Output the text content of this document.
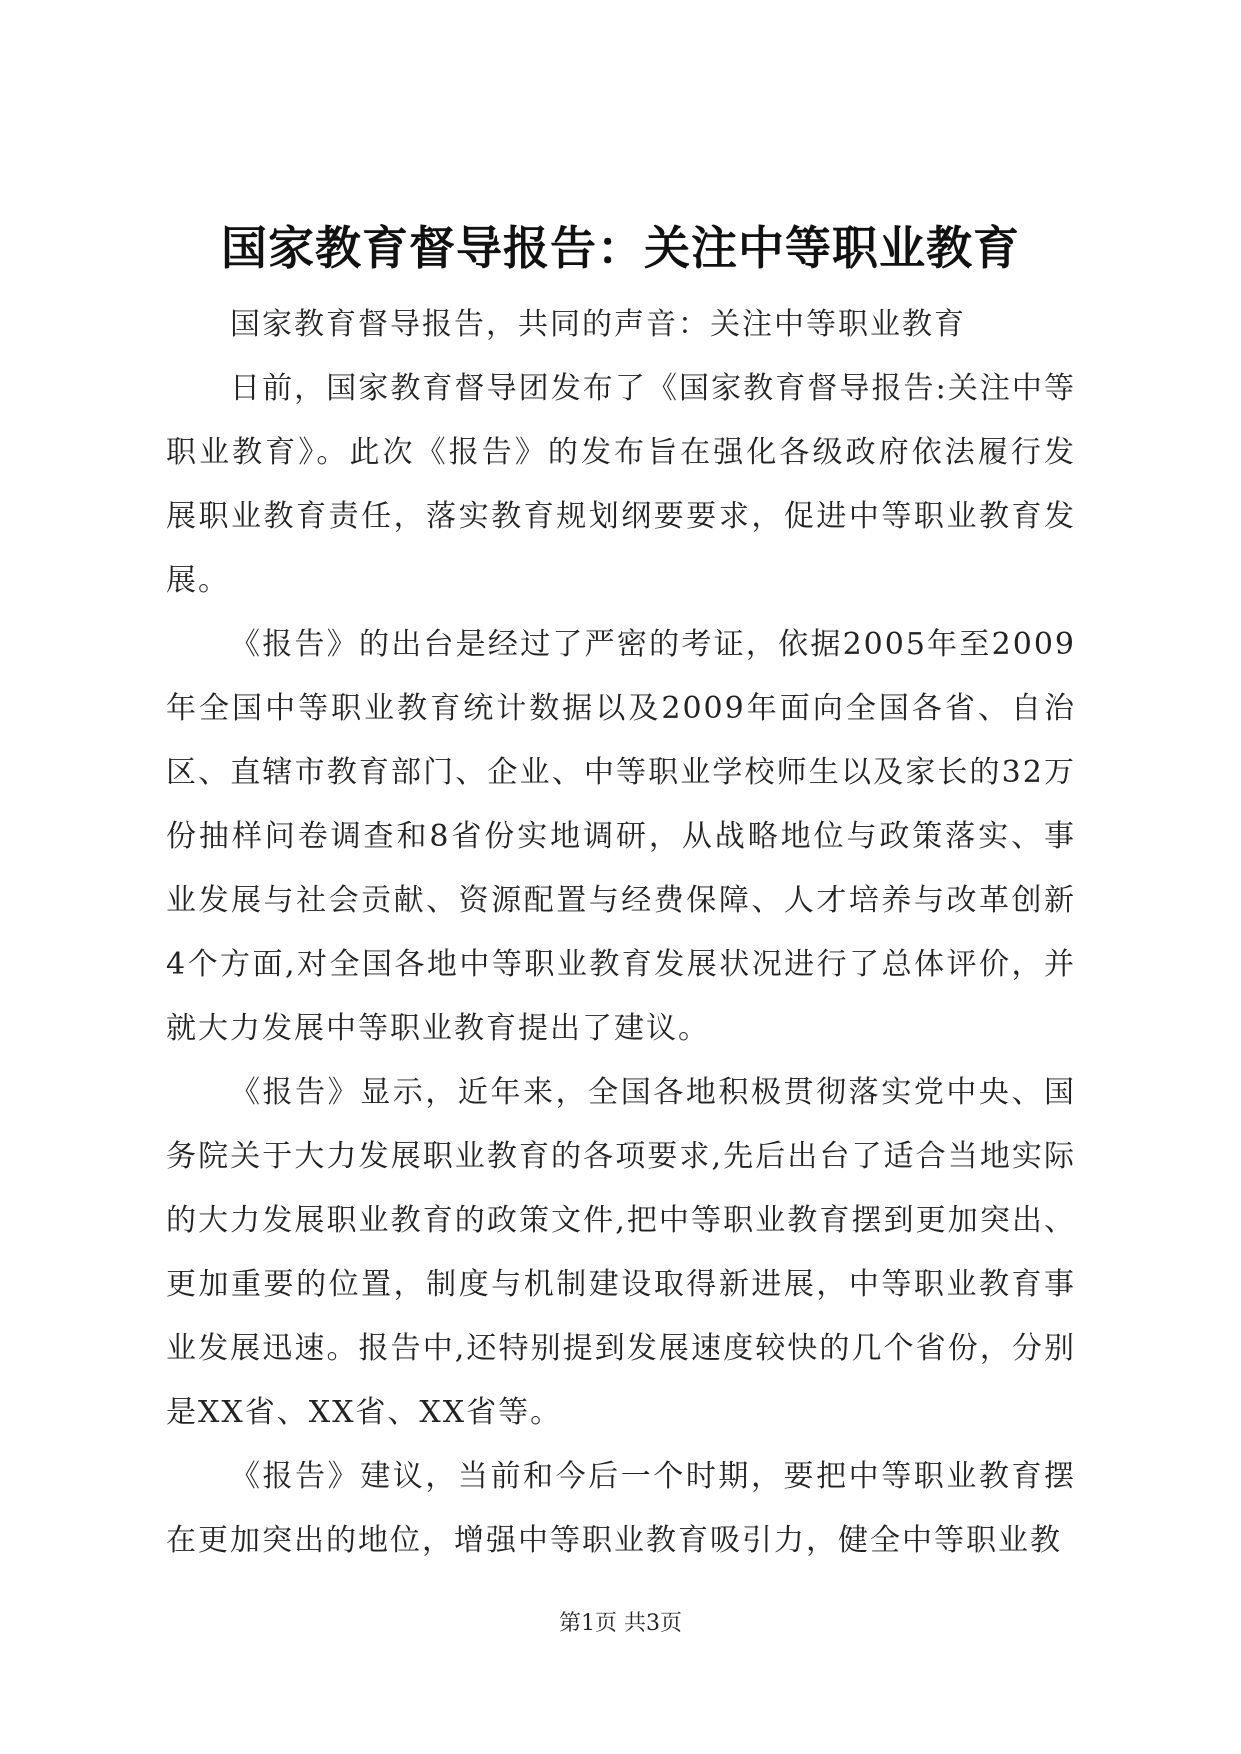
国家教育督导报告：关注中等职业教育

国家教育督导报告，共同的声音：关注中等职业教育

日前，国家教育督导团发布了《国家教育督导报告:关注中等职业教育》。此次《报告》的发布旨在强化各级政府依法履行发展职业教育责任，落实教育规划纲要要求，促进中等职业教育发展。

《报告》的出台是经过了严密的考证，依据2005年至2009年全国中等职业教育统计数据以及2009年面向全国各省、自治区、直辖市教育部门、企业、中等职业学校师生以及家长的32万份抽样问卷调查和8省份实地调研，从战略地位与政策落实、事业发展与社会贡献、资源配置与经费保障、人才培养与改革创新4个方面,对全国各地中等职业教育发展状况进行了总体评价，并就大力发展中等职业教育提出了建议。

《报告》显示，近年来，全国各地积极贯彻落实党中央、国务院关于大力发展职业教育的各项要求,先后出台了适合当地实际的大力发展职业教育的政策文件,把中等职业教育摆到更加突出、更加重要的位置，制度与机制建设取得新进展，中等职业教育事业发展迅速。报告中,还特别提到发展速度较快的几个省份，分别是XX省、XX省、XX省等。

《报告》建议，当前和今后一个时期，要把中等职业教育摆在更加突出的地位，增强中等职业教育吸引力，健全中等职业教

第1页 共3页
